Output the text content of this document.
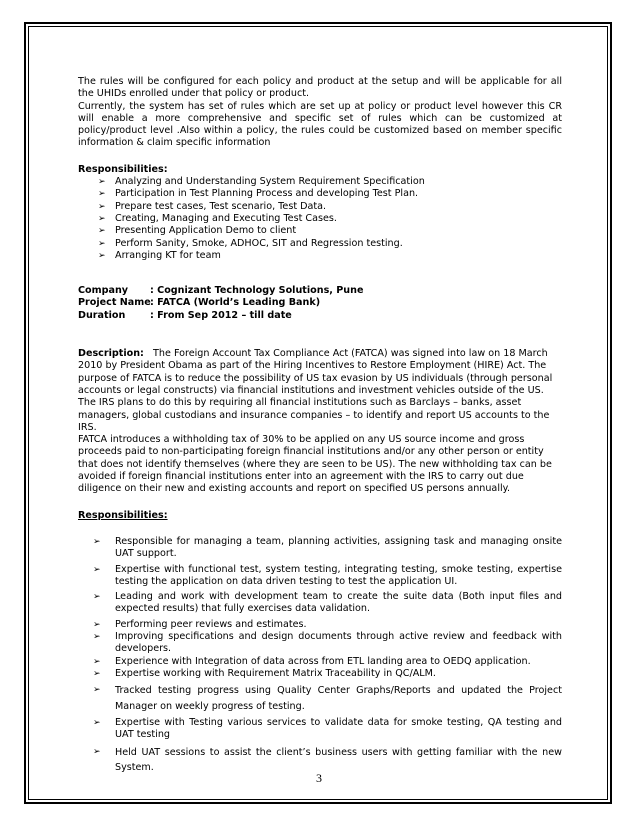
The rules will be configured for each policy and product at the setup and will be applicable for all the UHIDs enrolled under that policy or product.

Currently, the system has set of rules which are set up at policy or product level however this CR will enable a more comprehensive and specific set of rules which can be customized at policy/product level .Also within a policy, the rules could be customized based on member specific information & claim specific information

Responsibilities:

➢ Analyzing and Understanding System Requirement Specification
➢ Participation in Test Planning Process and developing Test Plan.
➢ Prepare test cases, Test scenario, Test Data.
➢ Creating, Managing and Executing Test Cases.
➢ Presenting Application Demo to client
➢ Perform Sanity, Smoke, ADHOC, SIT and Regression testing.
➢ Arranging KT for team
Company	: Cognizant Technology Solutions, Pune
Project Name : FATCA (World’s Leading Bank)
Duration	: From Sep 2012 – till date

Description: The Foreign Account Tax Compliance Act (FATCA) was signed into law on 18 March 2010 by President Obama as part of the Hiring Incentives to Restore Employment (HIRE) Act. The purpose of FATCA is to reduce the possibility of US tax evasion by US individuals (through personal accounts or legal constructs) via financial institutions and investment vehicles outside of the US. The IRS plans to do this by requiring all financial institutions such as Barclays – banks, asset managers, global custodians and insurance companies – to identify and report US accounts to the IRS.

FATCA introduces a withholding tax of 30% to be applied on any US source income and gross proceeds paid to non-participating foreign financial institutions and/or any other person or entity that does not identify themselves (where they are seen to be US). The new withholding tax can be avoided if foreign financial institutions enter into an agreement with the IRS to carry out due diligence on their new and existing accounts and report on specified US persons annually.

Responsibilities:

➢ Responsible for managing a team, planning activities, assigning task and managing onsite UAT support.
➢ Expertise with functional test, system testing, integrating testing, smoke testing, expertise testing the application on data driven testing to test the application UI.
➢ Leading and work with development team to create the suite data (Both input files and expected results) that fully exercises data validation.
➢ Performing peer reviews and estimates.
➢ Improving specifications and design documents through active review and feedback with developers.
➢ Experience with Integration of data across from ETL landing area to OEDQ application.
➢ Expertise working with Requirement Matrix Traceability in QC/ALM.
➢ Tracked testing progress using Quality Center Graphs/Reports and updated the Project Manager on weekly progress of testing.
➢ Expertise with Testing various services to validate data for smoke testing, QA testing and UAT testing
➢ Held UAT sessions to assist the client’s business users with getting familiar with the new System.
3
